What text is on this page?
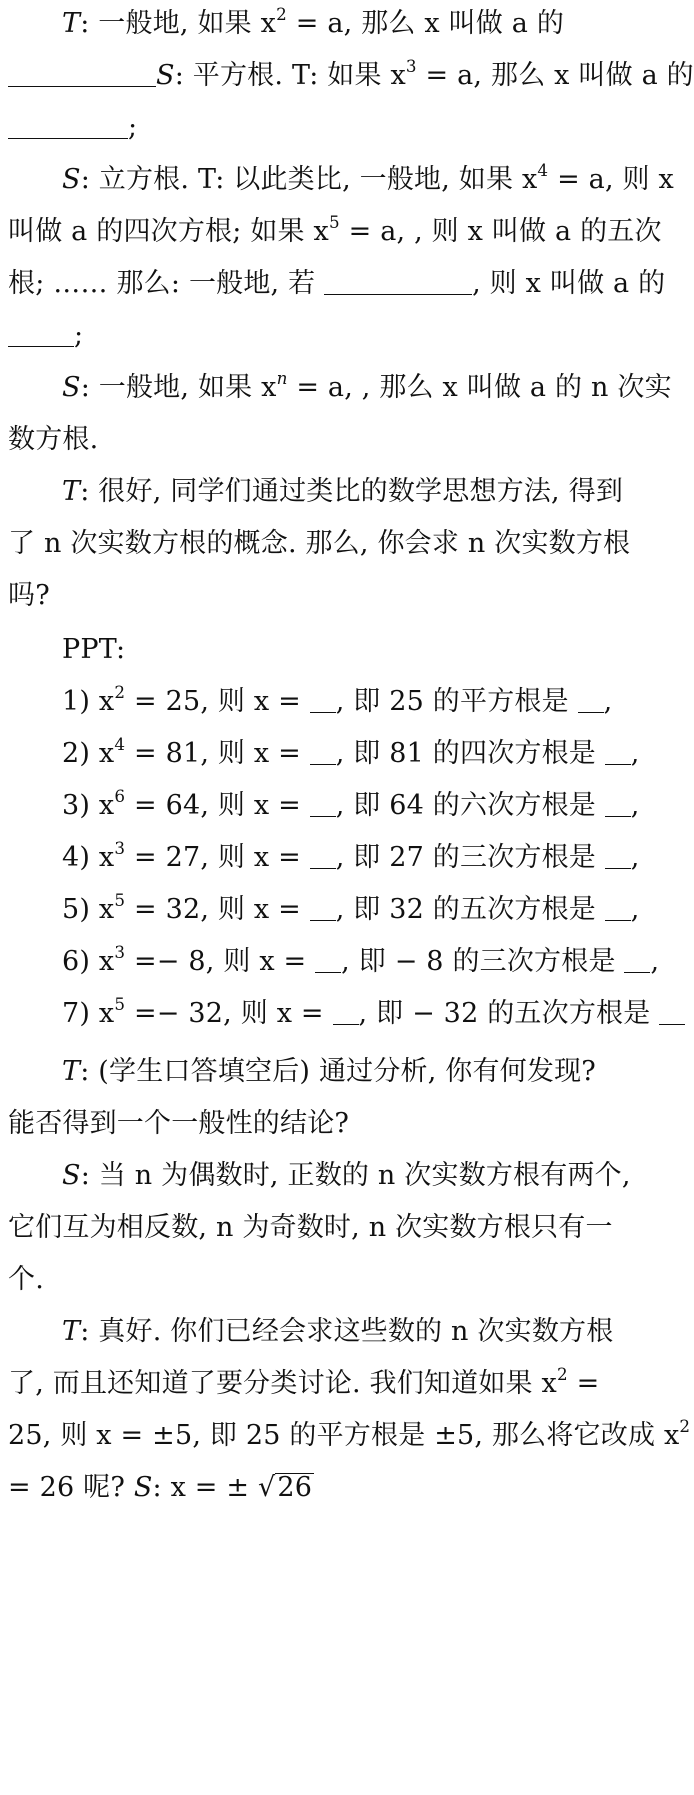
T: 一般地, 如果 $x^2 = a$, 那么 x 叫做 a 的
S: 平方根. T: 如果 $x^3 = a$, 那么 x 叫做 a 的
;
S: 立方根. T: 以此类比, 一般地, 如果 $x^4 = a$, 则 x
叫做 a 的四次方根; 如果 $x^5 = a$, , 则 x 叫做 a 的五次
根; …… 那么: 一般地, 若	, 则 x 叫做 a 的
;
S: 一般地, 如果 $x^n = a$, , 那么 x 叫做 a 的 n 次实
数方根.
T: 很好, 同学们通过类比的数学思想方法, 得到
了 n 次实数方根的概念. 那么, 你会求 n 次实数方根
吗?
PPT:
1) $x^2 = 25$, 则 x = , 即 25 的平方根是 ,
2) $x^4 = 81$, 则 x = , 即 81 的四次方根是 ,
3) $x^6 = 64$, 则 x = , 即 64 的六次方根是 ,
4) $x^3 = 27$, 则 x = , 即 27 的三次方根是 ,
5) $x^5 = 32$, 则 x = , 即 32 的五次方根是 ,
6) $x^3 =- 8$, 则 x = , 即 − 8 的三次方根是 ,
7) $x^5 =- 32$, 则 x = , 即 − 32 的五次方根是
T: (学生口答填空后) 通过分析, 你有何发现?
能否得到一个一般性的结论?
S: 当 n 为偶数时, 正数的 n 次实数方根有两个,
它们互为相反数, n 为奇数时, n 次实数方根只有一
个.
T: 真好. 你们已经会求这些数的 n 次实数方根
了, 而且还知道了要分类讨论. 我们知道如果 $x^2$ =
25, 则 x = ±5, 即 25 的平方根是 ±5, 那么将它改成 $x^2$
= 26 呢? S: x = ± √26
